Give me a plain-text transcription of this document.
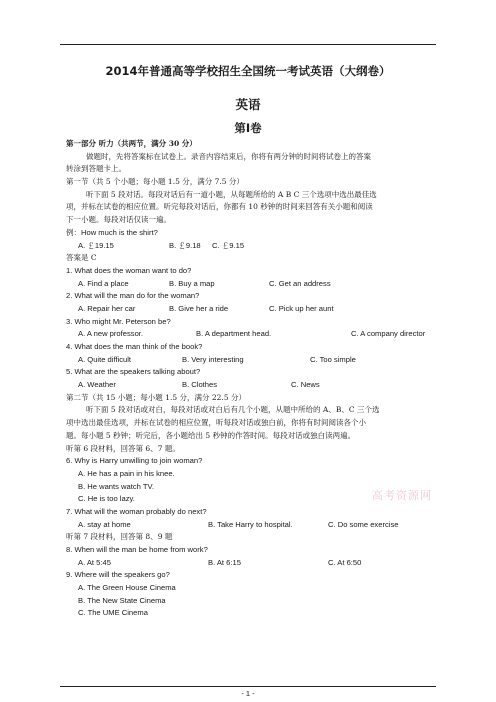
2014年普通高等学校招生全国统一考试英语（大纲卷）
英语
第Ⅰ卷
第一部分 听力（共两节，满分 30 分）
做题时，先将答案标在试卷上。录音内容结束后，你将有两分钟的时间将试卷上的答案
转涂到答题卡上。
第一节（共 5 个小题；每小题 1.5 分，满分 7.5 分）
听下面 5 段对话。每段对话后有一道小题，从每题所给的 A B C 三个选项中选出最佳选
项，并标在试卷的相应位置。听完每段对话后，你都有 10 秒钟的时间来回答有关小题和阅读
下一小题。每段对话仅读一遍。
例：How much is the shirt?
A. ￡19.15	B. ￡9.18 C. ￡9.15
答案是 C
1. What does the woman want to do?
A. Find a place	B. Buy a map	C. Get an address
2. What will the man do for the woman?
A. Repair her car	B. Give her a ride	C. Pick up her aunt
3. Who might Mr. Peterson be?
A. A new professor.	B. A department head.	C. A company director
4. What does the man think of the book?
A. Quite difficult	B. Very interesting	C. Too simple
5. What are the speakers talking about?
A. Weather	B. Clothes	C. News
第二节（共 15 小题；每小题 1.5 分，满分 22.5 分）
听下面 5 段对话或对白，每段对话或对白后有几个小题，从题中所给的 A、B、C 三个选
项中选出最佳选项，并标在试卷的相应位置，听每段对话或独白前，你将有时间阅读各个小
题。每小题 5 秒钟；听完后，各小题给出 5 秒钟的作答时间。每段对话或独白读两遍。
听第 6 段材料，回答第 6、7 题。
6. Why is Harry unwilling to join woman?
A. He has a pain in his knee.
B. He wants watch TV.
C. He is too lazy.
7. What will the woman probably do next?
A. stay at home	B. Take Harry to hospital.	C. Do some exercise
听第 7 段材料，回答第 8、9 题
8. When will the man be home from work?
A. At 5:45	B. At 6:15	C. At 6:50
9. Where will the speakers go?
A. The Green House Cinema
B. The New State Cinema
C. The UME Cinema
高考资源网
- 1 -
